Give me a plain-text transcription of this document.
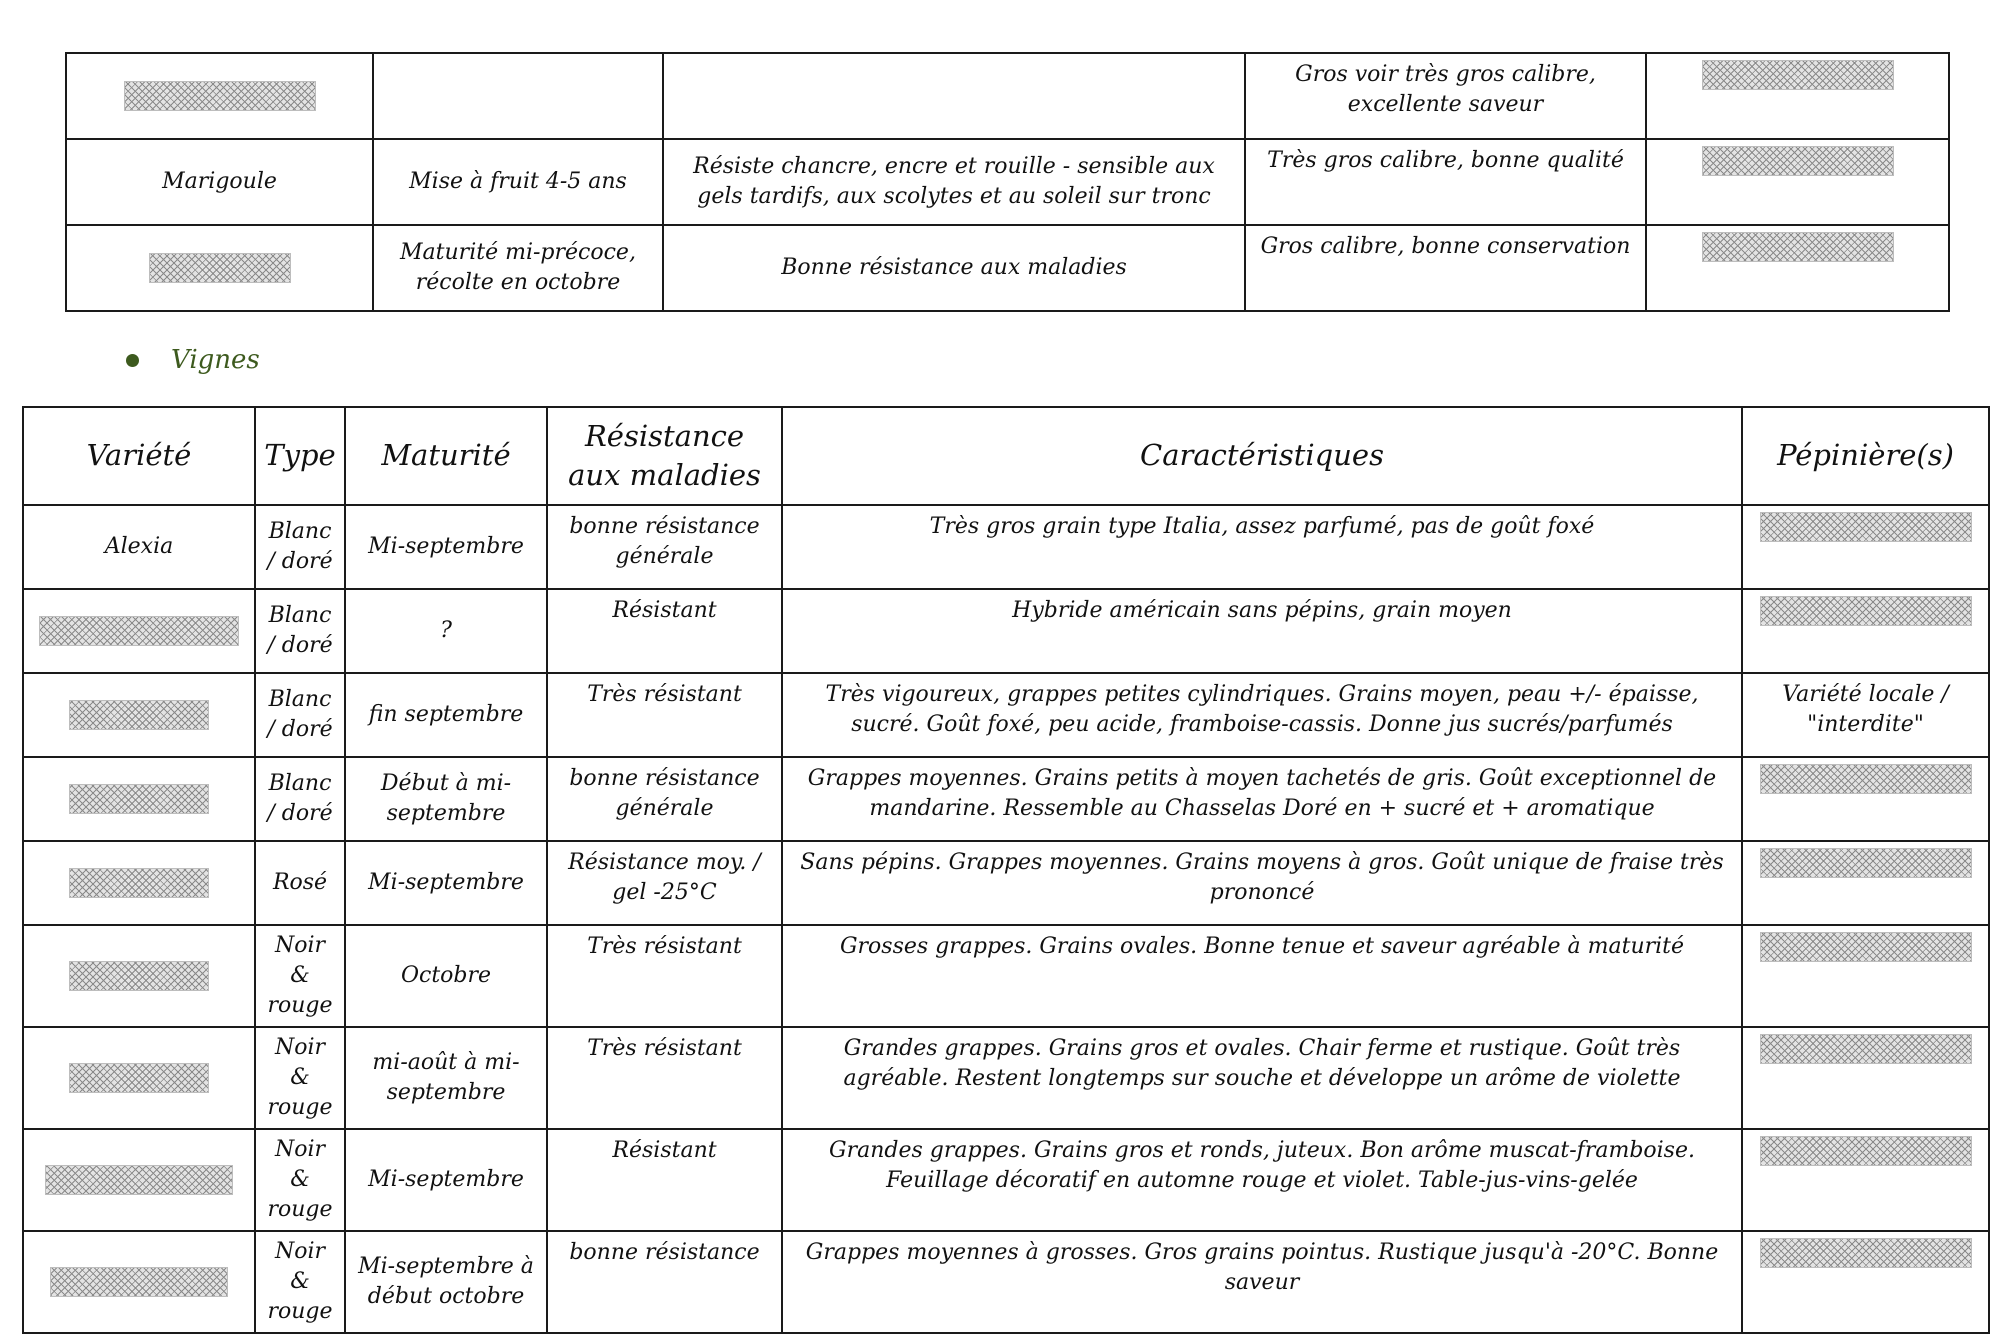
			Gros voir très gros calibre, excellente saveur	
Marigoule	Mise à fruit 4-5 ans	Résiste chancre, encre et rouille - sensible aux gels tardifs, aux scolytes et au soleil sur tronc	Très gros calibre, bonne qualité	
	Maturité mi-précoce, récolte en octobre	Bonne résistance aux maladies	Gros calibre, bonne conservation	
Vignes
Variété	Type	Maturité	Résistance aux maladies	Caractéristiques	Pépinière(s)
Alexia	Blanc / doré	Mi-septembre	bonne résistance générale	Très gros grain type Italia, assez parfumé, pas de goût foxé	
	Blanc / doré	?	Résistant	Hybride américain sans pépins, grain moyen	
	Blanc / doré	fin septembre	Très résistant	Très vigoureux, grappes petites cylindriques. Grains moyen, peau +/- épaisse, sucré. Goût foxé, peu acide, framboise-cassis. Donne jus sucrés/parfumés	Variété locale / "interdite"
	Blanc / doré	Début à mi-septembre	bonne résistance générale	Grappes moyennes. Grains petits à moyen tachetés de gris. Goût exceptionnel de mandarine. Ressemble au Chasselas Doré en + sucré et + aromatique	
	Rosé	Mi-septembre	Résistance moy. / gel -25°C	Sans pépins. Grappes moyennes. Grains moyens à gros. Goût unique de fraise très prononcé	
	Noir & rouge	Octobre	Très résistant	Grosses grappes. Grains ovales. Bonne tenue et saveur agréable à maturité	
	Noir & rouge	mi-août à mi-septembre	Très résistant	Grandes grappes. Grains gros et ovales. Chair ferme et rustique. Goût très agréable. Restent longtemps sur souche et développe un arôme de violette	
	Noir & rouge	Mi-septembre	Résistant	Grandes grappes. Grains gros et ronds, juteux. Bon arôme muscat-framboise. Feuillage décoratif en automne rouge et violet. Table-jus-vins-gelée	
	Noir & rouge	Mi-septembre à début octobre	bonne résistance	Grappes moyennes à grosses. Gros grains pointus. Rustique jusqu'à -20°C. Bonne saveur	
